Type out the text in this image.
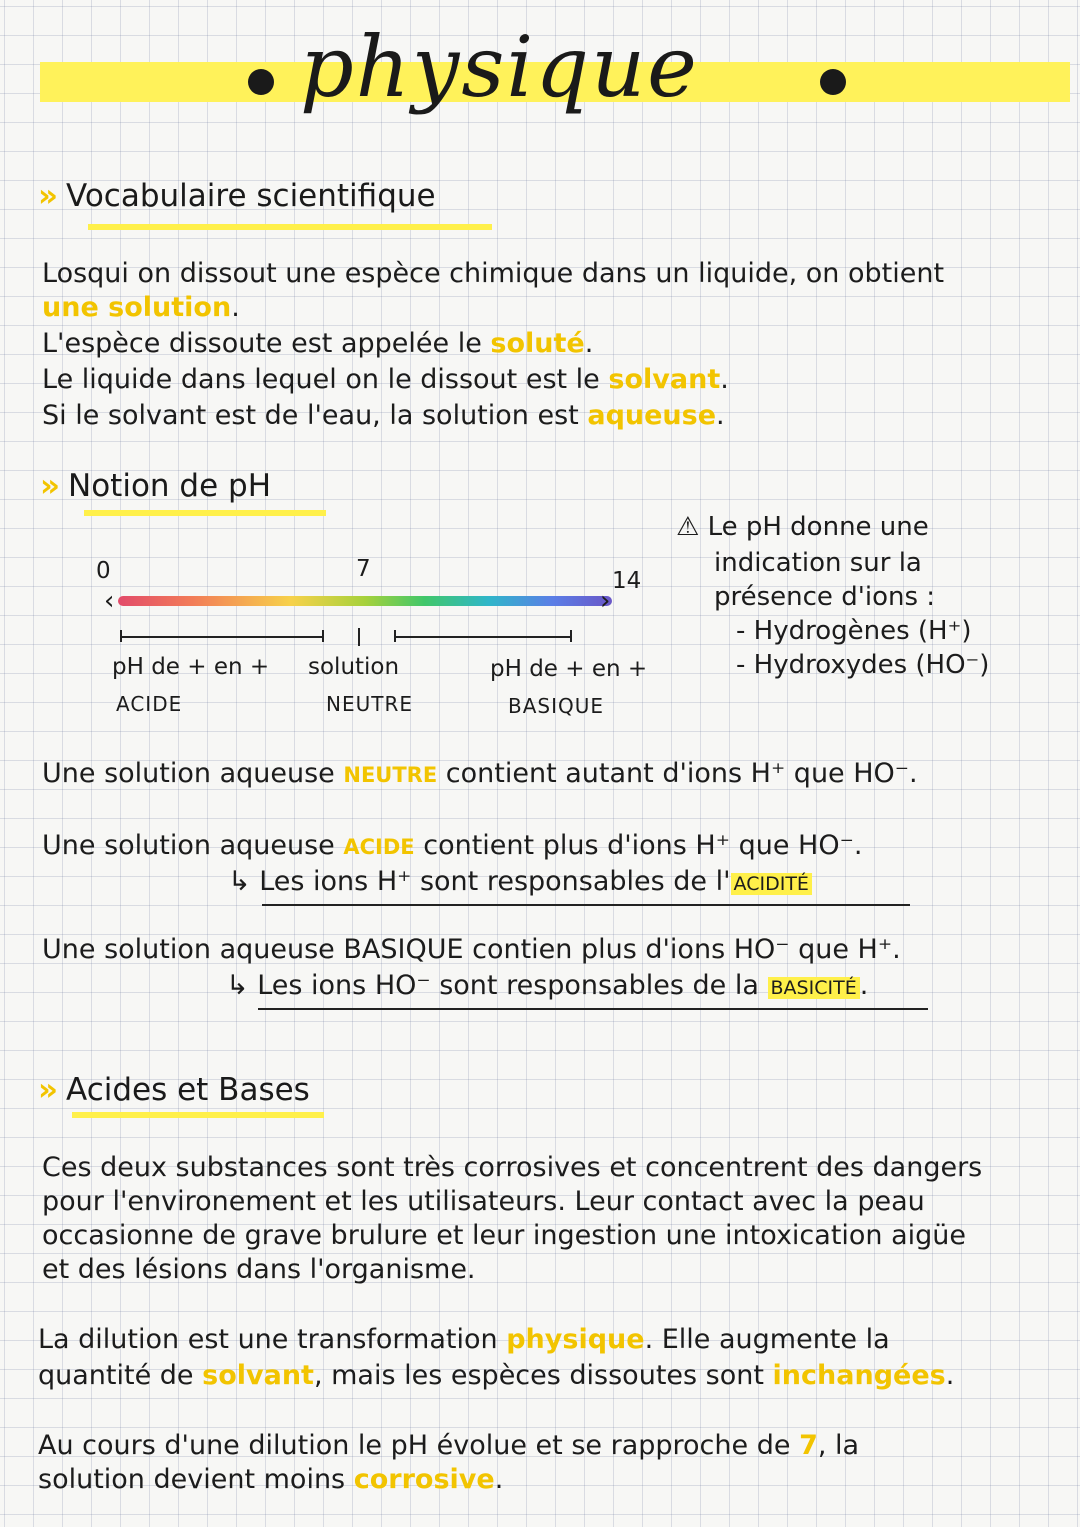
physique
» Vocabulaire scientifique
Losqui on dissout une espèce chimique dans un liquide, on obtient
une solution.
L'espèce dissoute est appelée le soluté.
Le liquide dans lequel on le dissout est le solvant.
Si le solvant est de l'eau, la solution est aqueuse.
» Notion de pH
0	7	14
‹	›
pH de + en +
ACIDE
solution
NEUTRE
pH de + en +
BASIQUE
⚠ Le pH donne une
indication sur la
présence d'ions :
- Hydrogènes (H⁺)
- Hydroxydes (HO⁻)
Une solution aqueuse NEUTRE contient autant d'ions H⁺ que HO⁻.
Une solution aqueuse ACIDE contient plus d'ions H⁺ que HO⁻.
↳ Les ions H⁺ sont responsables de l' ACIDITÉ
Une solution aqueuse BASIQUE contien plus d'ions HO⁻ que H⁺.
↳ Les ions HO⁻ sont responsables de la BASICITÉ .
» Acides et Bases
Ces deux substances sont très corrosives et concentrent des dangers
pour l'environement et les utilisateurs. Leur contact avec la peau
occasionne de grave brulure et leur ingestion une intoxication aigüe
et des lésions dans l'organisme.
La dilution est une transformation physique. Elle augmente la
quantité de solvant, mais les espèces dissoutes sont inchangées.
Au cours d'une dilution le pH évolue et se rapproche de 7, la
solution devient moins corrosive.
